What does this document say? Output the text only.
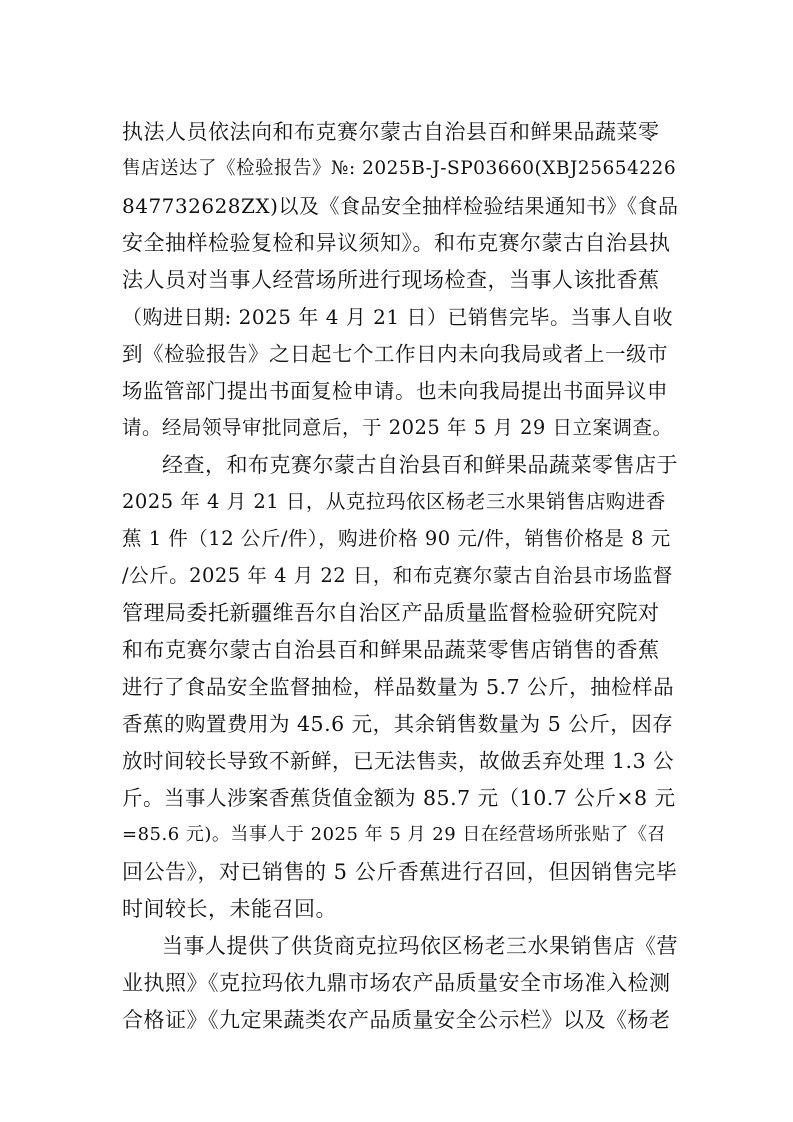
执法人员依法向和布克赛尔蒙古自治县百和鲜果品蔬菜零
售店送达了《检验报告》№: 2025B-J-SP03660(XBJ25654226
847732628ZX)以及《食品安全抽样检验结果通知书》《食品
安全抽样检验复检和异议须知》。和布克赛尔蒙古自治县执
法人员对当事人经营场所进行现场检查，当事人该批香蕉
（购进日期: 2025 年 4 月 21 日）已销售完毕。当事人自收
到《检验报告》之日起七个工作日内未向我局或者上一级市
场监管部门提出书面复检申请。也未向我局提出书面异议申
请。经局领导审批同意后，于 2025 年 5 月 29 日立案调查。
经查，和布克赛尔蒙古自治县百和鲜果品蔬菜零售店于
2025 年 4 月 21 日，从克拉玛依区杨老三水果销售店购进香
蕉 1 件（12 公斤/件），购进价格 90 元/件，销售价格是 8 元
/公斤。2025 年 4 月 22 日，和布克赛尔蒙古自治县市场监督
管理局委托新疆维吾尔自治区产品质量监督检验研究院对
和布克赛尔蒙古自治县百和鲜果品蔬菜零售店销售的香蕉
进行了食品安全监督抽检，样品数量为 5.7 公斤，抽检样品
香蕉的购置费用为 45.6 元，其余销售数量为 5 公斤，因存
放时间较长导致不新鲜，已无法售卖，故做丢弃处理 1.3 公
斤。当事人涉案香蕉货值金额为 85.7 元（10.7 公斤×8 元
=85.6 元)。当事人于 2025 年 5 月 29 日在经营场所张贴了《召
回公告》，对已销售的 5 公斤香蕉进行召回，但因销售完毕
时间较长，未能召回。
当事人提供了供货商克拉玛依区杨老三水果销售店《营
业执照》《克拉玛依九鼎市场农产品质量安全市场准入检测
合格证》《九定果蔬类农产品质量安全公示栏》以及《杨老
